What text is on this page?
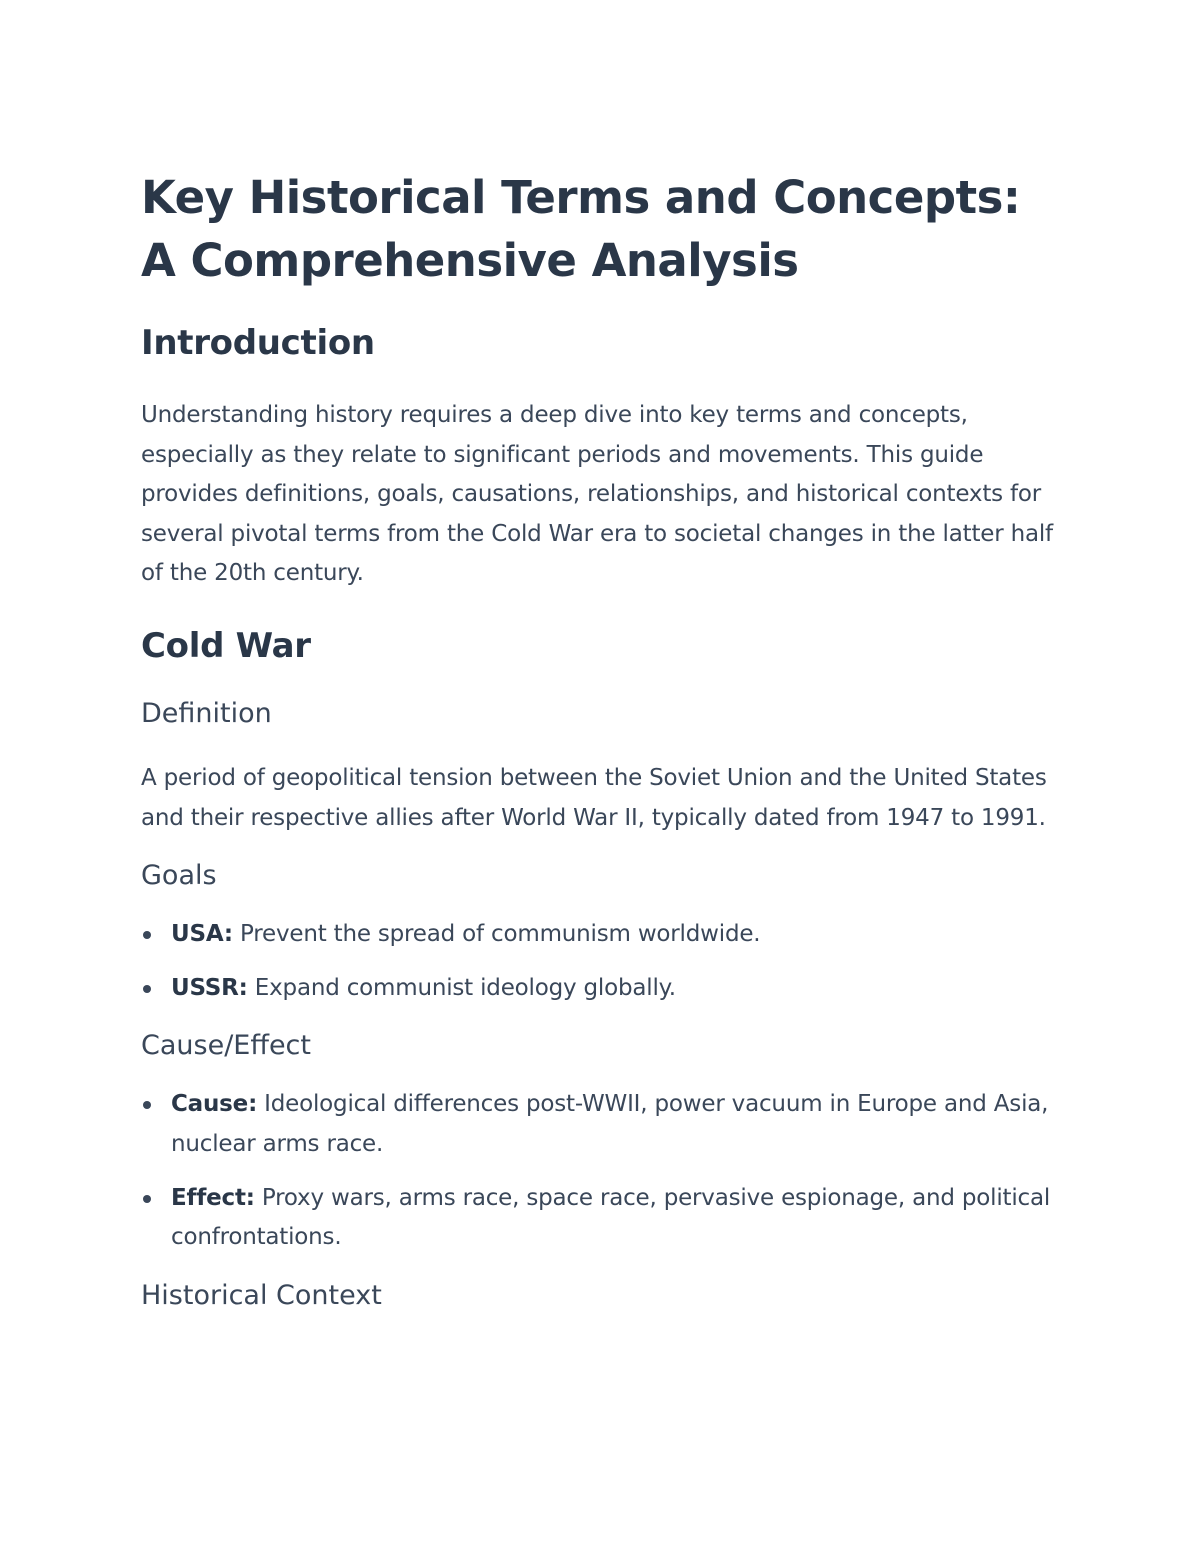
Key Historical Terms and Concepts: A Comprehensive Analysis
Introduction

Understanding history requires a deep dive into key terms and concepts, especially as they relate to significant periods and movements. This guide provides definitions, goals, causations, relationships, and historical contexts for several pivotal terms from the Cold War era to societal changes in the latter half of the 20th century.

Cold War
Definition

A period of geopolitical tension between the Soviet Union and the United States and their respective allies after World War II, typically dated from 1947 to 1991.

Goals
USA: Prevent the spread of communism worldwide.
USSR: Expand communist ideology globally.
Cause/Effect
Cause: Ideological differences post-WWII, power vacuum in Europe and Asia, nuclear arms race.
Effect: Proxy wars, arms race, space race, pervasive espionage, and political confrontations.
Historical Context
